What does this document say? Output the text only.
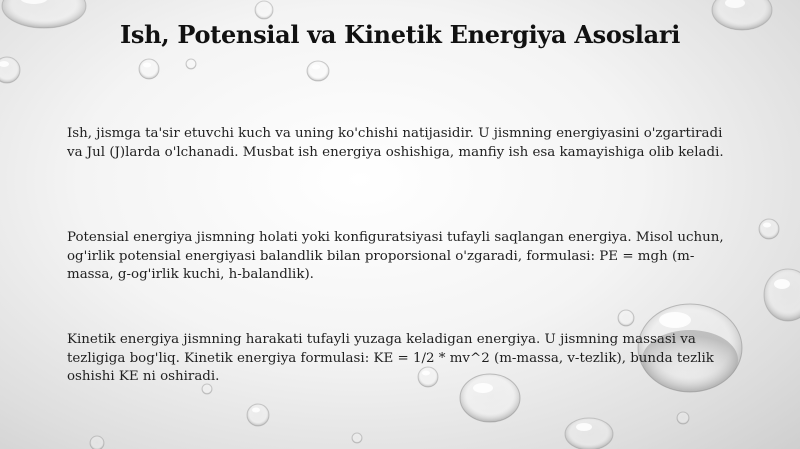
Ish, Potensial va Kinetik Energiya Asoslari

Ish, jismga ta'sir etuvchi kuch va uning ko'chishi natijasidir. U jismning energiyasini o'zgartiradi va Jul (J)larda o'lchanadi. Musbat ish energiya oshishiga, manfiy ish esa kamayishiga olib keladi.

Potensial energiya jismning holati yoki konfiguratsiyasi tufayli saqlangan energiya. Misol uchun, og'irlik potensial energiyasi balandlik bilan proporsional o'zgaradi, formulasi: PE = mgh (m-massa, g-og'irlik kuchi, h-balandlik).

Kinetik energiya jismning harakati tufayli yuzaga keladigan energiya. U jismning massasi va tezligiga bog'liq. Kinetik energiya formulasi: KE = 1/2 * mv^2 (m-massa, v-tezlik), bunda tezlik oshishi KE ni oshiradi.
